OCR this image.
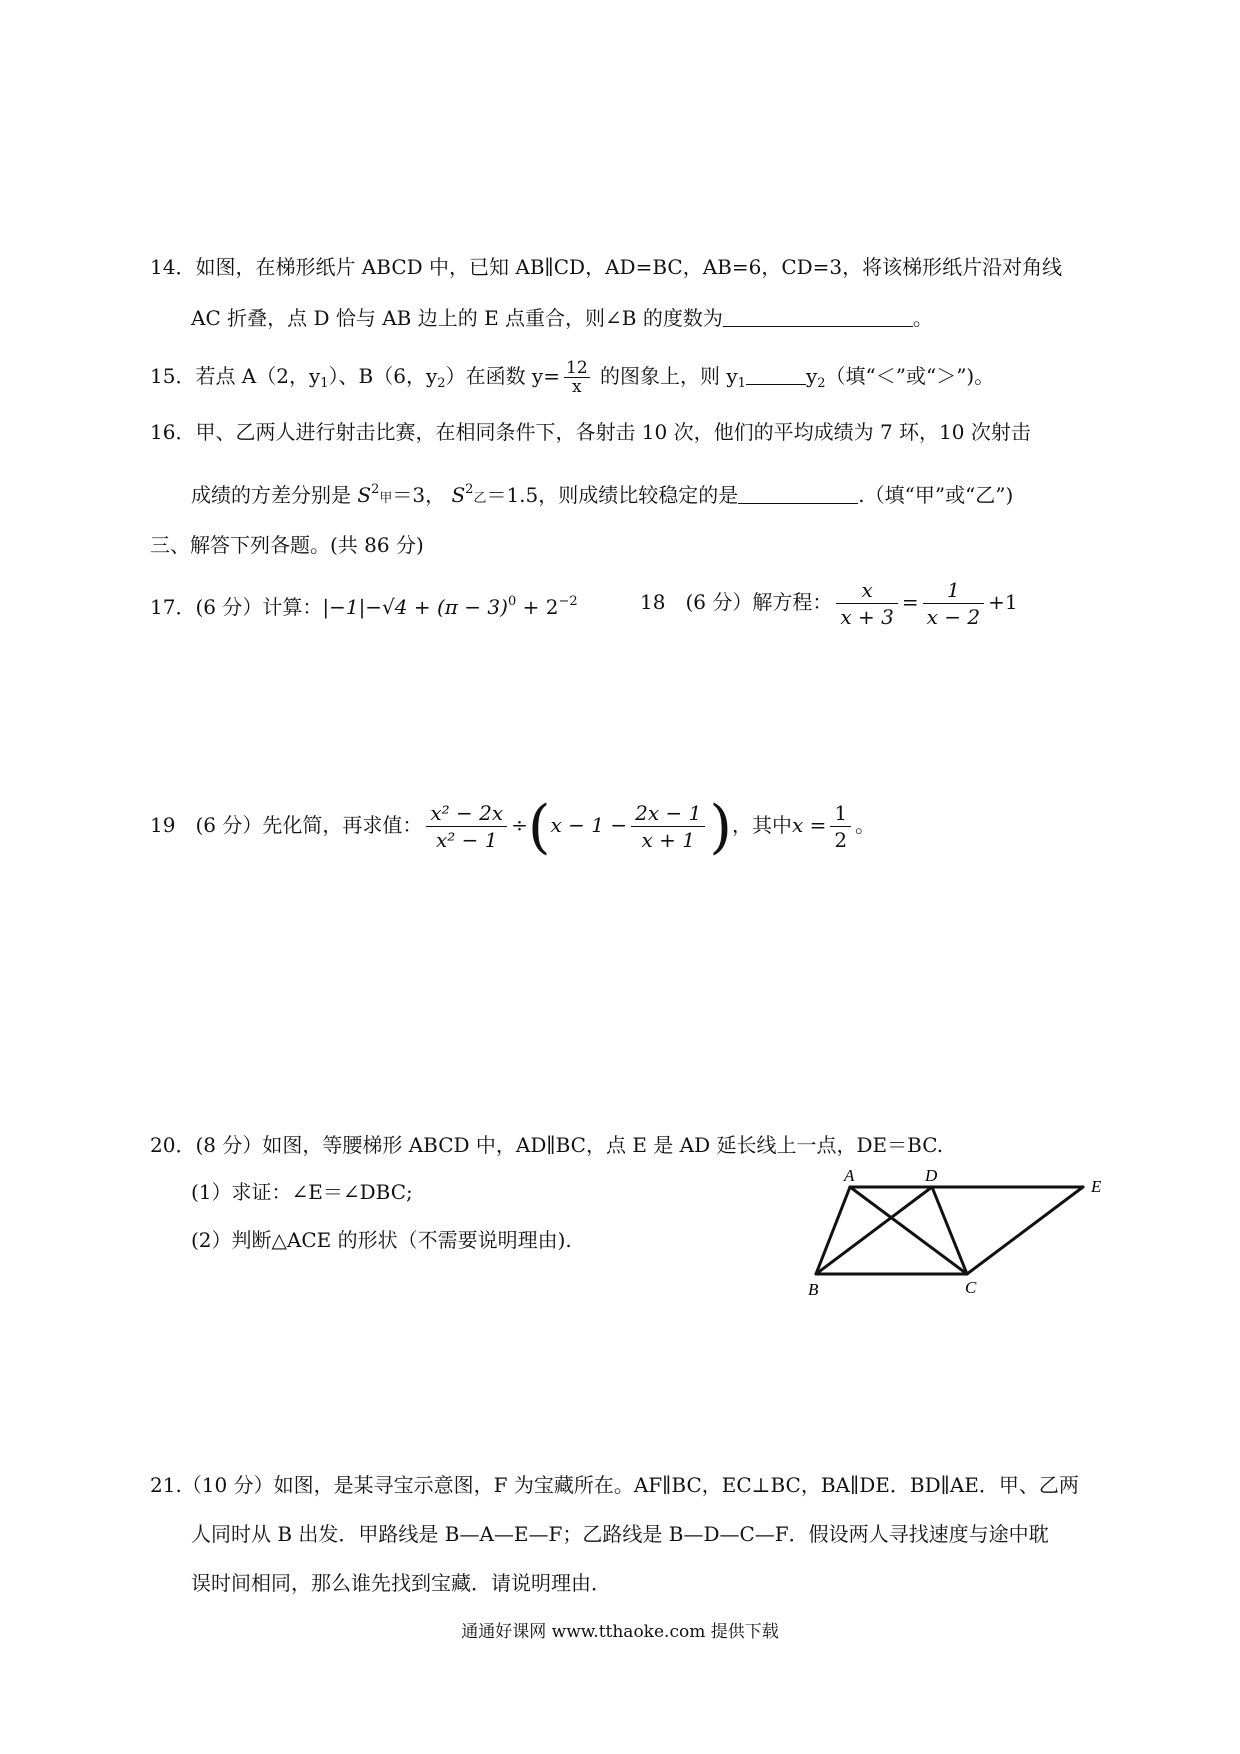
14．如图，在梯形纸片 ABCD 中，已知 AB∥CD，AD=BC，AB=6，CD=3，将该梯形纸片沿对角线
AC 折叠，点 D 恰与 AB 边上的 E 点重合，则∠B 的度数为	。
15．若点 A（2，$y_1$）、B（6，$y_2$）在函数 $y= \frac{12}{x}$ 的图象上，则 $y_1$	$y_2$（填“＜”或“＞”)。
16．甲、乙两人进行射击比赛，在相同条件下，各射击 10 次，他们的平均成绩为 7 环，10 次射击
成绩的方差分别是 $S^2$甲＝3， $S^2$乙＝1.5，则成绩比较稳定的是	.（填“甲”或“乙”)
三、解答下列各题。(共 86 分)
17．(6 分）计算：$|-1|-√4 + (\pi - 3)^0 + 2^{-2}$	18　(6 分）解方程： $\frac{x}{x + 3} = \frac{1}{x - 2} +1$
19　(6 分）先化简，再求值： $\frac{\text{x² − 2x}}{\text{x² − 1}} \div(x - 1 - \frac{2x - 1}{x + 1}$ )，其中$x = \frac{1}{2}$ 。
20．(8 分）如图，等腰梯形 ABCD 中，AD∥BC，点 E 是 AD 延长线上一点，DE＝BC.
(1）求证：∠E＝∠DBC;
(2）判断△ACE 的形状（不需要说明理由).
A	D
E
B	C
21.（10 分）如图，是某寻宝示意图，F 为宝藏所在。AF∥BC，EC⊥BC，BA∥DE．BD∥AE．甲、乙两
人同时从 B 出发．甲路线是 B—A—E—F；乙路线是 B—D—C—F．假设两人寻找速度与途中耽
误时间相同，那么谁先找到宝藏．请说明理由．
通通好课网 www.tthaoke.com 提供下载
